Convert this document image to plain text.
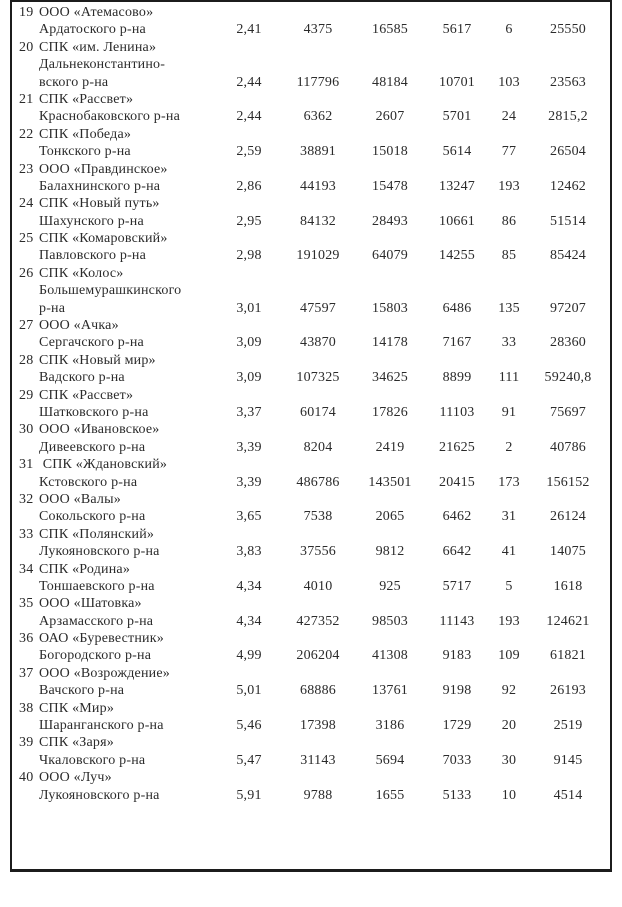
19 ООО «Атемасово»
Ардатоского р-на	2,41	4375	16585	5617	6	25550
20 СПК «им. Ленина»
Дальнеконстантино-
вского р-на	2,44	117796	48184	10701	103	23563
21 СПК «Рассвет»
Краснобаковского р-на	2,44	6362	2607	5701	24	2815,2
22 СПК «Победа»
Тонкского р-на	2,59	38891	15018	5614	77	26504
23 ООО «Правдинское»
Балахнинского р-на	2,86	44193	15478	13247	193	12462
24 СПК «Новый путь»
Шахунского р-на	2,95	84132	28493	10661	86	51514
25 СПК «Комаровский»
Павловского р-на	2,98	191029	64079	14255	85	85424
26 СПК «Колос»
Большемурашкинского
р-на	3,01	47597	15803	6486	135	97207
27 ООО «Ачка»
Сергачского р-на	3,09	43870	14178	7167	33	28360
28 СПК «Новый мир»
Вадского р-на	3,09	107325	34625	8899	111	59240,8
29 СПК «Рассвет»
Шатковского р-на	3,37	60174	17826	11103	91	75697
30 ООО «Ивановское»
Дивеевского р-на	3,39	8204	2419	21625	2	40786
31 СПК «Ждановский»
Кстовского р-на	3,39	486786	143501	20415	173	156152
32 ООО «Валы»
Сокольского р-на	3,65	7538	2065	6462	31	26124
33 СПК «Полянский»
Лукояновского р-на	3,83	37556	9812	6642	41	14075
34 СПК «Родина»
Тоншаевского р-на	4,34	4010	925	5717	5	1618
35 ООО «Шатовка»
Арзамасского р-на	4,34	427352	98503	11143	193	124621
36 ОАО «Буревестник»
Богородского р-на	4,99	206204	41308	9183	109	61821
37 ООО «Возрождение»
Вачского р-на	5,01	68886	13761	9198	92	26193
38 СПК «Мир»
Шаранганского р-на	5,46	17398	3186	1729	20	2519
39 СПК «Заря»
Чкаловского р-на	5,47	31143	5694	7033	30	9145
40 ООО «Луч»
Лукояновского р-на	5,91	9788	1655	5133	10	4514
